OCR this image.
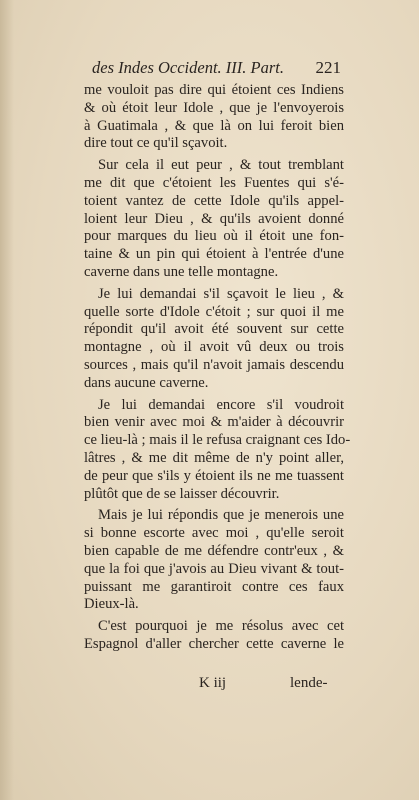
des Indes Occident. III. Part. 221
me vouloit pas dire qui étoient ces Indiens
& où étoit leur Idole , que je l'envoyerois
à Guatimala , & que là on lui feroit bien
dire tout ce qu'il sçavoit.
Sur cela il eut peur , & tout tremblant
me dit que c'étoient les Fuentes qui s'é-
toient vantez de cette Idole qu'ils appel-
loient leur Dieu , & qu'ils avoient donné
pour marques du lieu où il étoit une fon-
taine & un pin qui étoient à l'entrée d'une
caverne dans une telle montagne.
Je lui demandai s'il sçavoit le lieu , &
quelle sorte d'Idole c'étoit ; sur quoi il me
répondit qu'il avoit été souvent sur cette
montagne , où il avoit vû deux ou trois
sources , mais qu'il n'avoit jamais descendu
dans aucune caverne.
Je lui demandai encore s'il voudroit
bien venir avec moi & m'aider à découvrir
ce lieu-là ; mais il le refusa craignant ces Ido-
lâtres , & me dit même de n'y point aller,
de peur que s'ils y étoient ils ne me tuassent
plûtôt que de se laisser découvrir.
Mais je lui répondis que je menerois une
si bonne escorte avec moi , qu'elle seroit
bien capable de me défendre contr'eux , &
que la foi que j'avois au Dieu vivant & tout-
puissant me garantiroit contre ces faux
Dieux-là.
C'est pourquoi je me résolus avec cet
Espagnol d'aller chercher cette caverne le
K iij	lende-
